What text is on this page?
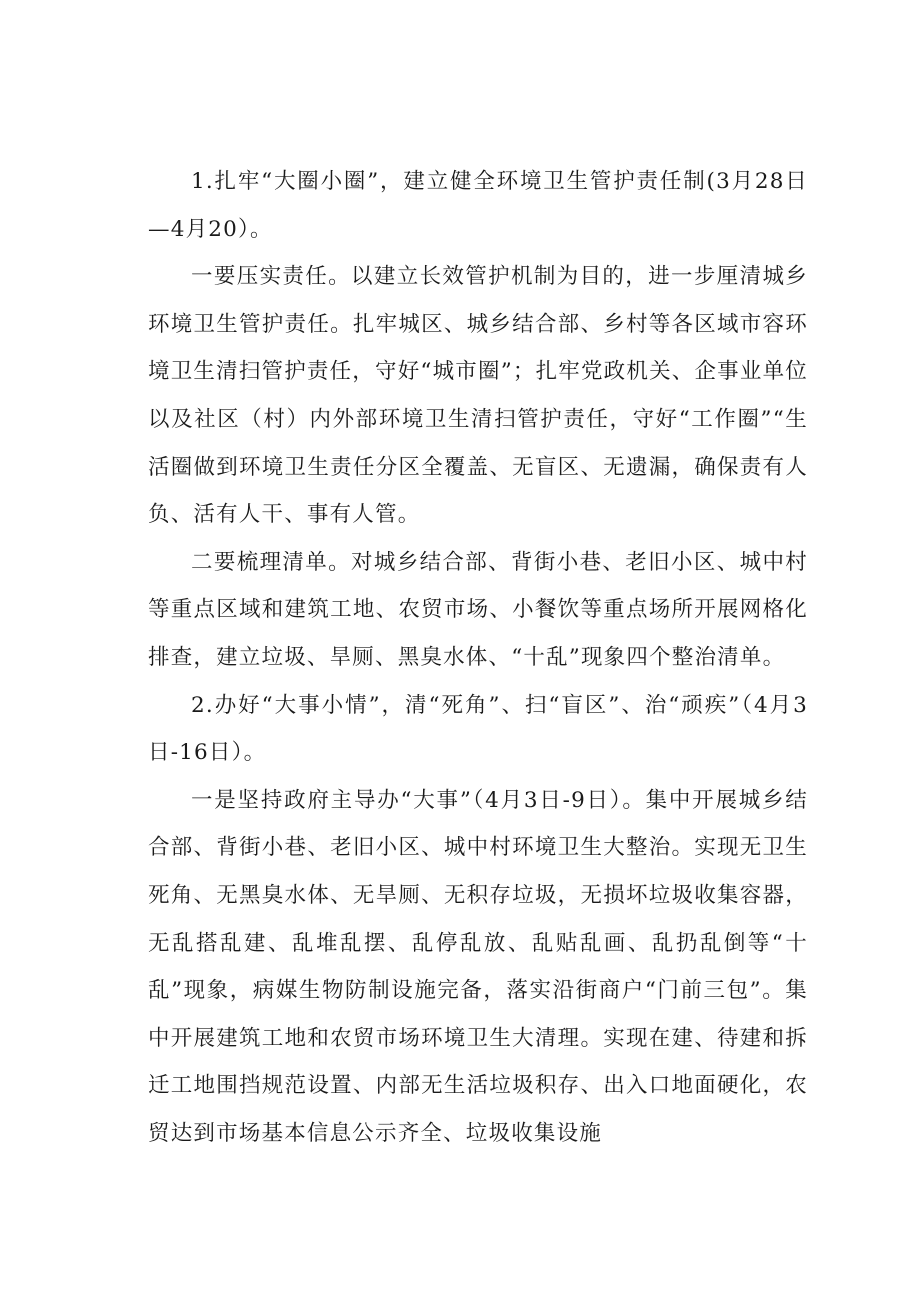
1.扎牢“大圈小圈”，建立健全环境卫生管护责任制(3月28日—4月20）。

一要压实责任。以建立长效管护机制为目的，进一步厘清城乡环境卫生管护责任。扎牢城区、城乡结合部、乡村等各区域市容环境卫生清扫管护责任，守好“城市圈”；扎牢党政机关、企事业单位以及社区（村）内外部环境卫生清扫管护责任，守好“工作圈”“生活圈做到环境卫生责任分区全覆盖、无盲区、无遗漏，确保责有人负、活有人干、事有人管。

二要梳理清单。对城乡结合部、背街小巷、老旧小区、城中村等重点区域和建筑工地、农贸市场、小餐饮等重点场所开展网格化排查，建立垃圾、旱厕、黑臭水体、“十乱”现象四个整治清单。

2.办好“大事小情”，清“死角”、扫“盲区”、治“顽疾”（4月3日-16日）。

一是坚持政府主导办“大事”（4月3日-9日）。集中开展城乡结合部、背街小巷、老旧小区、城中村环境卫生大整治。实现无卫生死角、无黑臭水体、无旱厕、无积存垃圾，无损坏垃圾收集容器，无乱搭乱建、乱堆乱摆、乱停乱放、乱贴乱画、乱扔乱倒等“十乱”现象，病媒生物防制设施完备，落实沿街商户“门前三包”。集中开展建筑工地和农贸市场环境卫生大清理。实现在建、待建和拆迁工地围挡规范设置、内部无生活垃圾积存、出入口地面硬化，农贸达到市场基本信息公示齐全、垃圾收集设施
